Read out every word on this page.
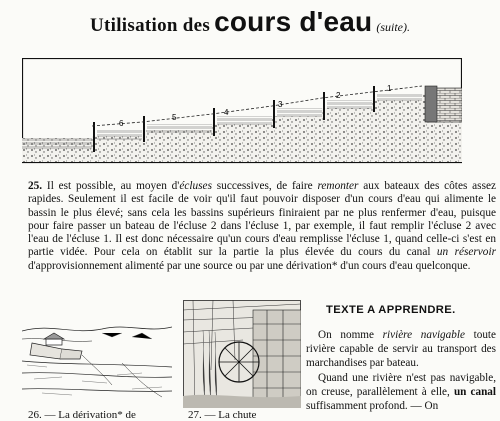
Utilisation des cours d'eau (suite).
6
5
4
3
2
1

25. Il est possible, au moyen d'écluses successives, de faire remonter aux bateaux des côtes assez rapides. Seulement il est facile de voir qu'il faut pouvoir disposer d'un cours d'eau qui alimente le bassin le plus élevé; sans cela les bassins supérieurs finiraient par ne plus renfermer d'eau, puisque pour faire passer un bateau de l'écluse 2 dans l'écluse 1, par exemple, il faut remplir l'écluse 2 avec l'eau de l'écluse 1. Il est donc nécessaire qu'un cours d'eau remplisse l'écluse 1, quand celle-ci s'est en partie vidée. Pour cela on établit sur la partie la plus élevée du cours du canal un réservoir d'approvisionnement alimenté par une source ou par une dérivation* d'un cours d'eau quelconque.

26. — La dérivation* de	27. — La chute
TEXTE A APPRENDRE.

On nomme rivière navigable toute rivière capable de servir au transport des marchandises par bateau.

Quand une rivière n'est pas navigable, on creuse, parallèlement à elle, un canal suffisamment profond. — On
